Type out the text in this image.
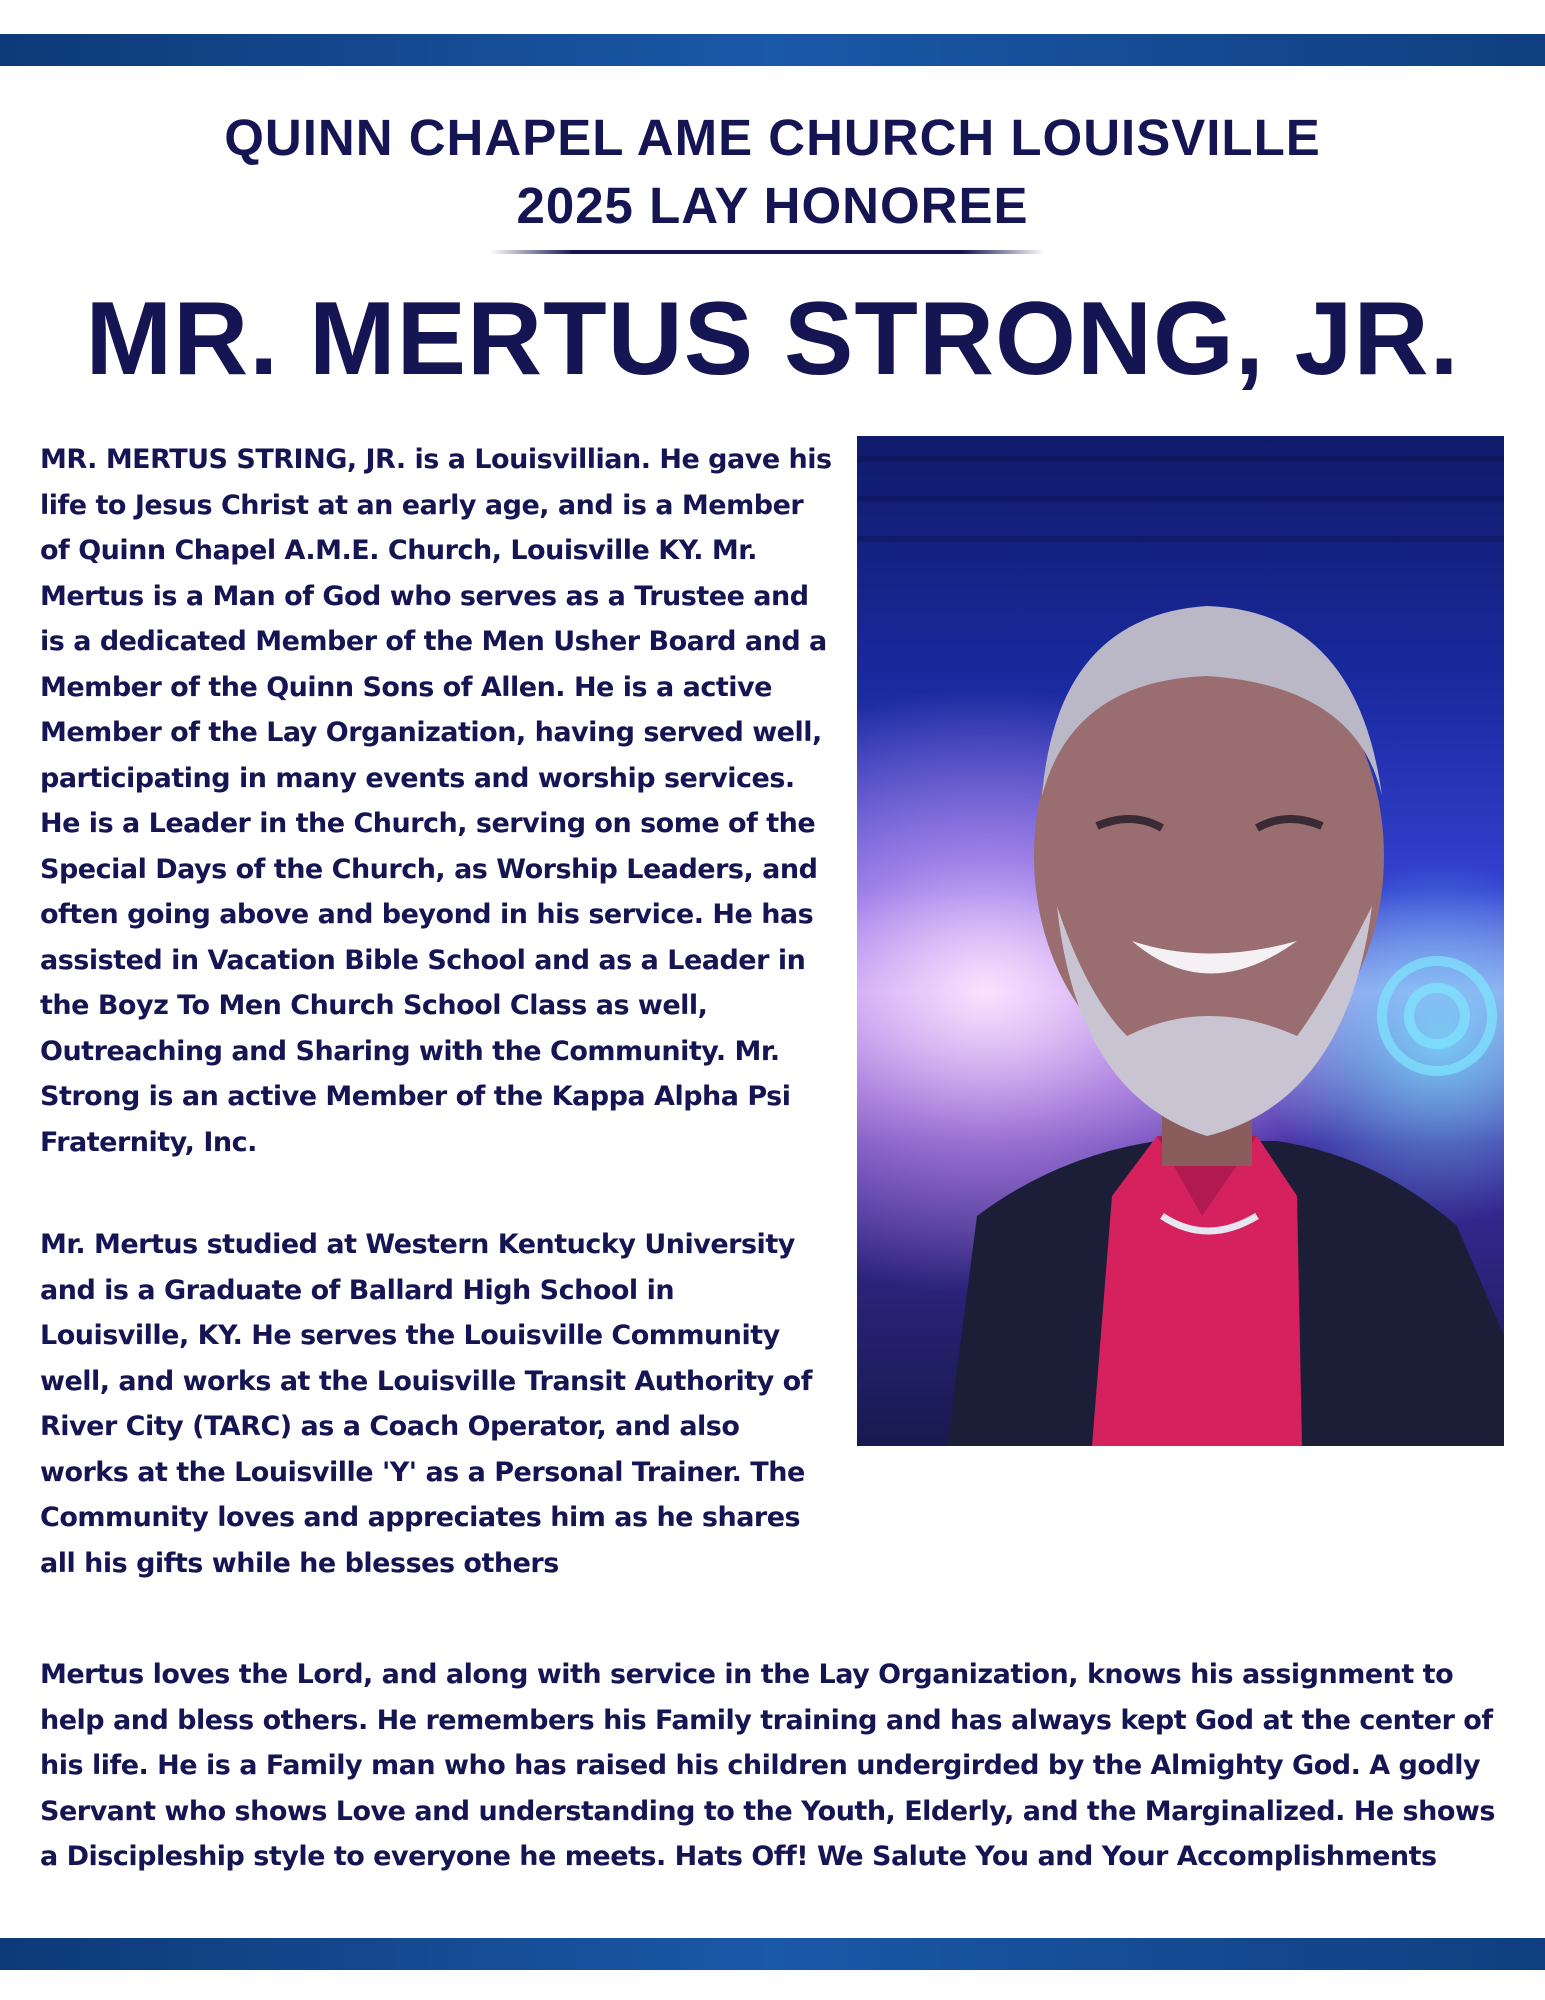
QUINN CHAPEL AME CHURCH LOUISVILLE
2025 LAY HONOREE
MR. MERTUS STRONG, JR.

MR. MERTUS STRING, JR. is a Louisvillian. He gave his life to Jesus Christ at an early age, and is a Member of Quinn Chapel A.M.E. Church, Louisville KY. Mr. Mertus is a Man of God who serves as a Trustee and is a dedicated Member of the Men Usher Board and a Member of the Quinn Sons of Allen. He is a active Member of the Lay Organization, having served well, participating in many events and worship services. He is a Leader in the Church, serving on some of the Special Days of the Church, as Worship Leaders, and often going above and beyond in his service. He has assisted in Vacation Bible School and as a Leader in the Boyz To Men Church School Class as well, Outreaching and Sharing with the Community. Mr. Strong is an active Member of the Kappa Alpha Psi Fraternity, Inc.

Mr. Mertus studied at Western Kentucky University and is a Graduate of Ballard High School in Louisville, KY. He serves the Louisville Community well, and works at the Louisville Transit Authority of River City (TARC) as a Coach Operator, and also works at the Louisville 'Y' as a Personal Trainer. The Community loves and appreciates him as he shares all his gifts while he blesses others

Mertus loves the Lord, and along with service in the Lay Organization, knows his assignment to help and bless others. He remembers his Family training and has always kept God at the center of his life. He is a Family man who has raised his children undergirded by the Almighty God. A godly Servant who shows Love and understanding to the Youth, Elderly, and the Marginalized. He shows a Discipleship style to everyone he meets. Hats Off! We Salute You and Your Accomplishments
